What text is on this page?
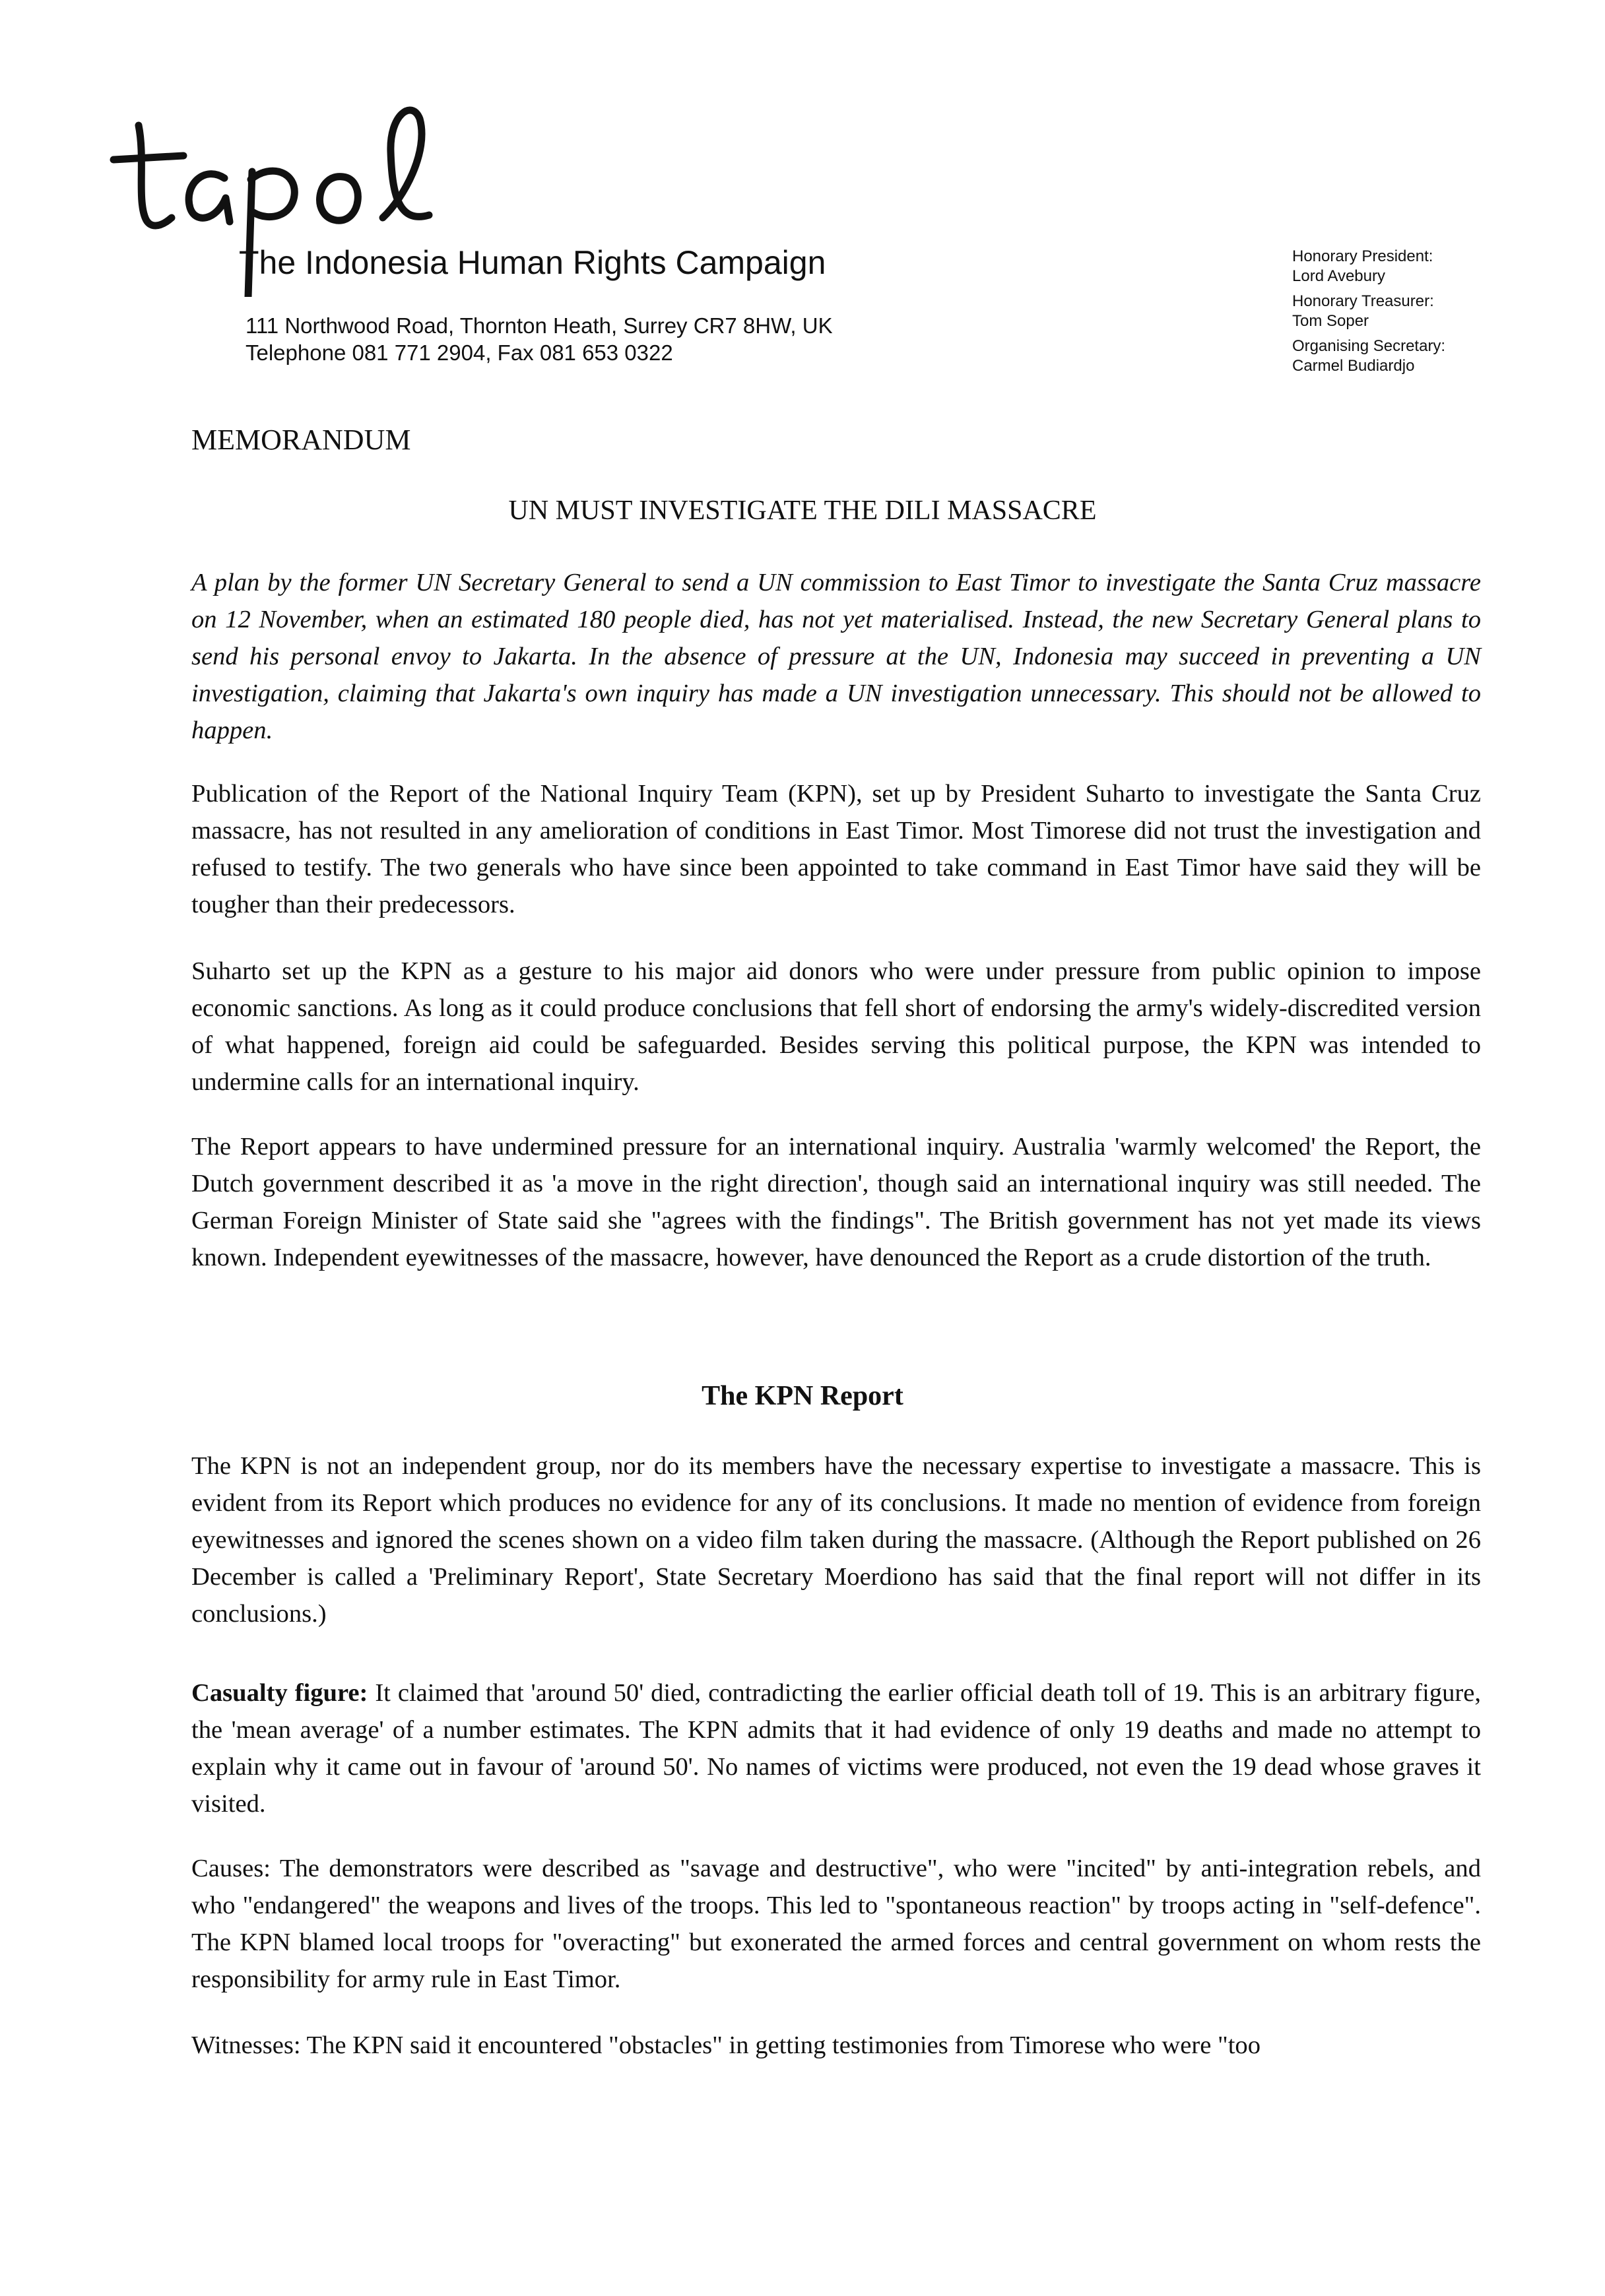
The Indonesia Human Rights Campaign
111 Northwood Road, Thornton Heath, Surrey CR7 8HW, UK
Telephone 081 771 2904, Fax 081 653 0322
Honorary President:
Lord Avebury
Honorary Treasurer:
Tom Soper
Organising Secretary:
Carmel Budiardjo
MEMORANDUM
UN MUST INVESTIGATE THE DILI MASSACRE

A plan by the former UN Secretary General to send a UN commission to East Timor to investigate the Santa Cruz massacre on 12 November, when an estimated 180 people died, has not yet materialised. Instead, the new Secretary General plans to send his personal envoy to Jakarta. In the absence of pressure at the UN, Indonesia may succeed in preventing a UN investigation, claiming that Jakarta's own inquiry has made a UN investigation unnecessary. This should not be allowed to happen.

Publication of the Report of the National Inquiry Team (KPN), set up by President Suharto to investigate the Santa Cruz massacre, has not resulted in any amelioration of conditions in East Timor. Most Timorese did not trust the investigation and refused to testify. The two generals who have since been appointed to take command in East Timor have said they will be tougher than their predecessors.

Suharto set up the KPN as a gesture to his major aid donors who were under pressure from public opinion to impose economic sanctions. As long as it could produce conclusions that fell short of endorsing the army's widely-discredited version of what happened, foreign aid could be safeguarded. Besides serving this political purpose, the KPN was intended to undermine calls for an international inquiry.

The Report appears to have undermined pressure for an international inquiry. Australia 'warmly welcomed' the Report, the Dutch government described it as 'a move in the right direction', though said an international inquiry was still needed. The German Foreign Minister of State said she "agrees with the findings". The British government has not yet made its views known. Independent eyewitnesses of the massacre, however, have denounced the Report as a crude distortion of the truth.

The KPN Report

The KPN is not an independent group, nor do its members have the necessary expertise to investigate a massacre. This is evident from its Report which produces no evidence for any of its conclusions. It made no mention of evidence from foreign eyewitnesses and ignored the scenes shown on a video film taken during the massacre. (Although the Report published on 26 December is called a 'Preliminary Report', State Secretary Moerdiono has said that the final report will not differ in its conclusions.)

Casualty figure: It claimed that 'around 50' died, contradicting the earlier official death toll of 19. This is an arbitrary figure, the 'mean average' of a number estimates. The KPN admits that it had evidence of only 19 deaths and made no attempt to explain why it came out in favour of 'around 50'. No names of victims were produced, not even the 19 dead whose graves it visited.

Causes: The demonstrators were described as "savage and destructive", who were "incited" by anti-integration rebels, and who "endangered" the weapons and lives of the troops. This led to "spontaneous reaction" by troops acting in "self-defence". The KPN blamed local troops for "overacting" but exonerated the armed forces and central government on whom rests the responsibility for army rule in East Timor.

Witnesses: The KPN said it encountered "obstacles" in getting testimonies from Timorese who were "too
